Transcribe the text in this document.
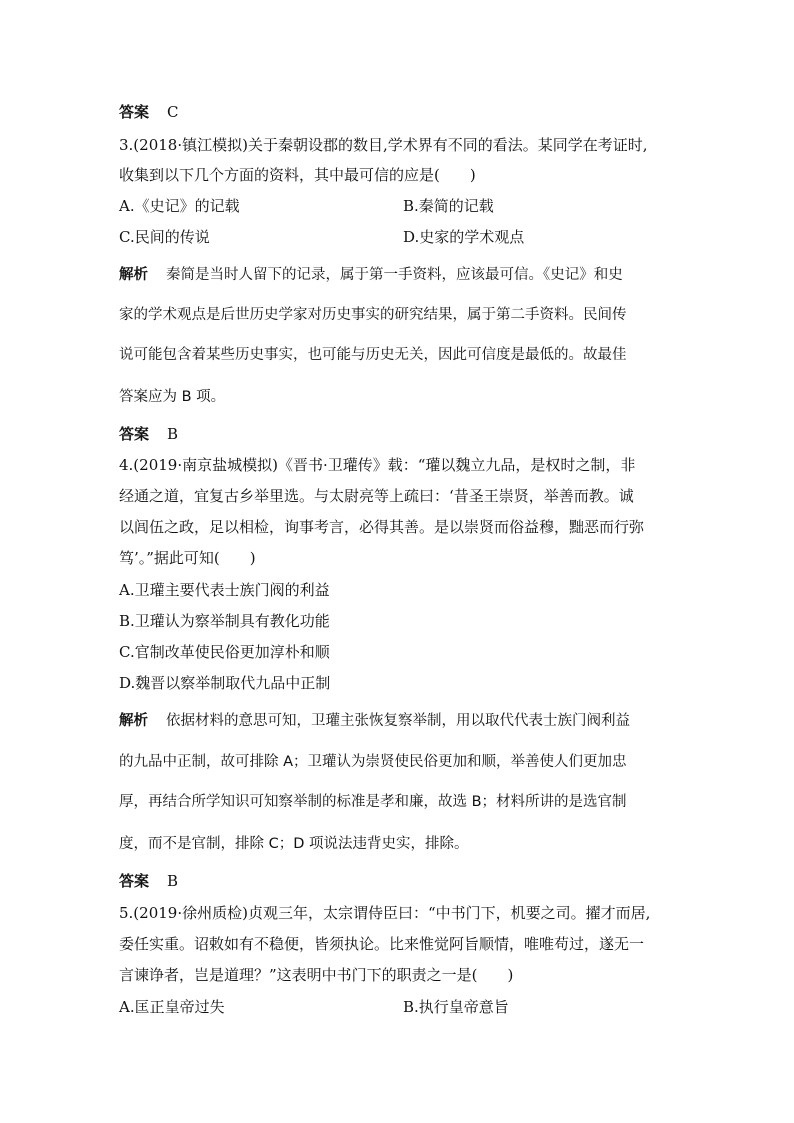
答案 C
3.(2018·镇江模拟)关于秦朝设郡的数目,学术界有不同的看法。某同学在考证时,
收集到以下几个方面的资料，其中最可信的应是(　　)
A.《史记》的记载	B.秦简的记载
C.民间的传说	D.史家的学术观点
解析 秦简是当时人留下的记录，属于第一手资料，应该最可信。《史记》和史
家的学术观点是后世历史学家对历史事实的研究结果，属于第二手资料。民间传
说可能包含着某些历史事实，也可能与历史无关，因此可信度是最低的。故最佳
答案应为 B 项。
答案 B
4.(2019·南京盐城模拟)《晋书·卫瓘传》载：“瓘以魏立九品，是权时之制，非
经通之道，宜复古乡举里选。与太尉亮等上疏曰：‘昔圣王崇贤，举善而教。诚
以闾伍之政，足以相检，询事考言，必得其善。是以崇贤而俗益穆，黜恶而行弥
笃’。”据此可知(　　)
A.卫瓘主要代表士族门阀的利益
B.卫瓘认为察举制具有教化功能
C.官制改革使民俗更加淳朴和顺
D.魏晋以察举制取代九品中正制
解析 依据材料的意思可知，卫瓘主张恢复察举制，用以取代代表士族门阀利益
的九品中正制，故可排除 A；卫瓘认为崇贤使民俗更加和顺，举善使人们更加忠
厚，再结合所学知识可知察举制的标准是孝和廉，故选 B；材料所讲的是选官制
度，而不是官制，排除 C；D 项说法违背史实，排除。
答案 B
5.(2019·徐州质检)贞观三年，太宗谓侍臣曰：“中书门下，机要之司。擢才而居,
委任实重。诏敕如有不稳便，皆须执论。比来惟觉阿旨顺情，唯唯苟过，遂无一
言谏诤者，岂是道理？”这表明中书门下的职责之一是(　　)
A.匡正皇帝过失	B.执行皇帝意旨
